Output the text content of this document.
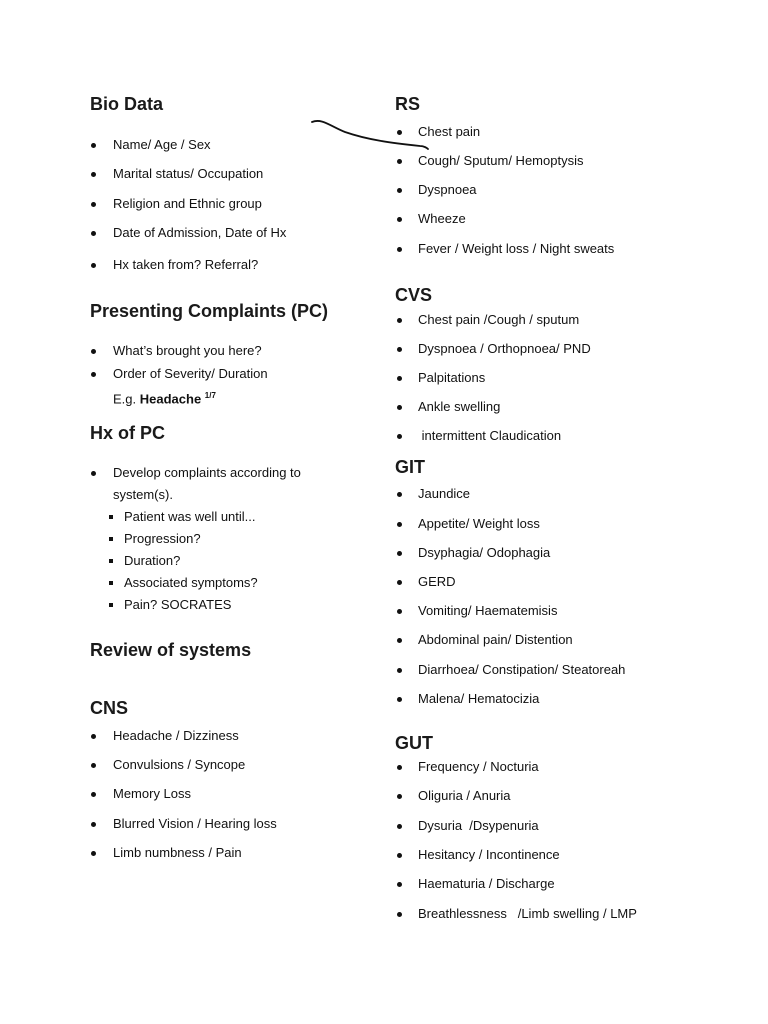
Bio Data
Name/ Age / Sex
Marital status/ Occupation
Religion and Ethnic group
Date of Admission, Date of Hx
Hx taken from? Referral?
Presenting Complaints (PC)
What’s brought you here?
Order of Severity/ Duration
E.g. Headache $^{1/7}$
Hx of PC
Develop complaints according to
system(s).
Patient was well until...
Progression?
Duration?
Associated symptoms?
Pain? SOCRATES
Review of systems
CNS
Headache / Dizziness
Convulsions / Syncope
Memory Loss
Blurred Vision / Hearing loss
Limb numbness / Pain
RS
Chest pain
Cough/ Sputum/ Hemoptysis
Dyspnoea
Wheeze
Fever / Weight loss / Night sweats
CVS
Chest pain /Cough / sputum
Dyspnoea / Orthopnoea/ PND
Palpitations
Ankle swelling
intermittent Claudication
GIT
Jaundice
Appetite/ Weight loss
Dsyphagia/ Odophagia
GERD
Vomiting/ Haematemisis
Abdominal pain/ Distention
Diarrhoea/ Constipation/ Steatoreah
Malena/ Hematocizia
GUT
Frequency / Nocturia
Oliguria / Anuria
Dysuria  /Dsypenuria
Hesitancy / Incontinence
Haematuria / Discharge
Breathlessness   /Limb swelling / LMP
